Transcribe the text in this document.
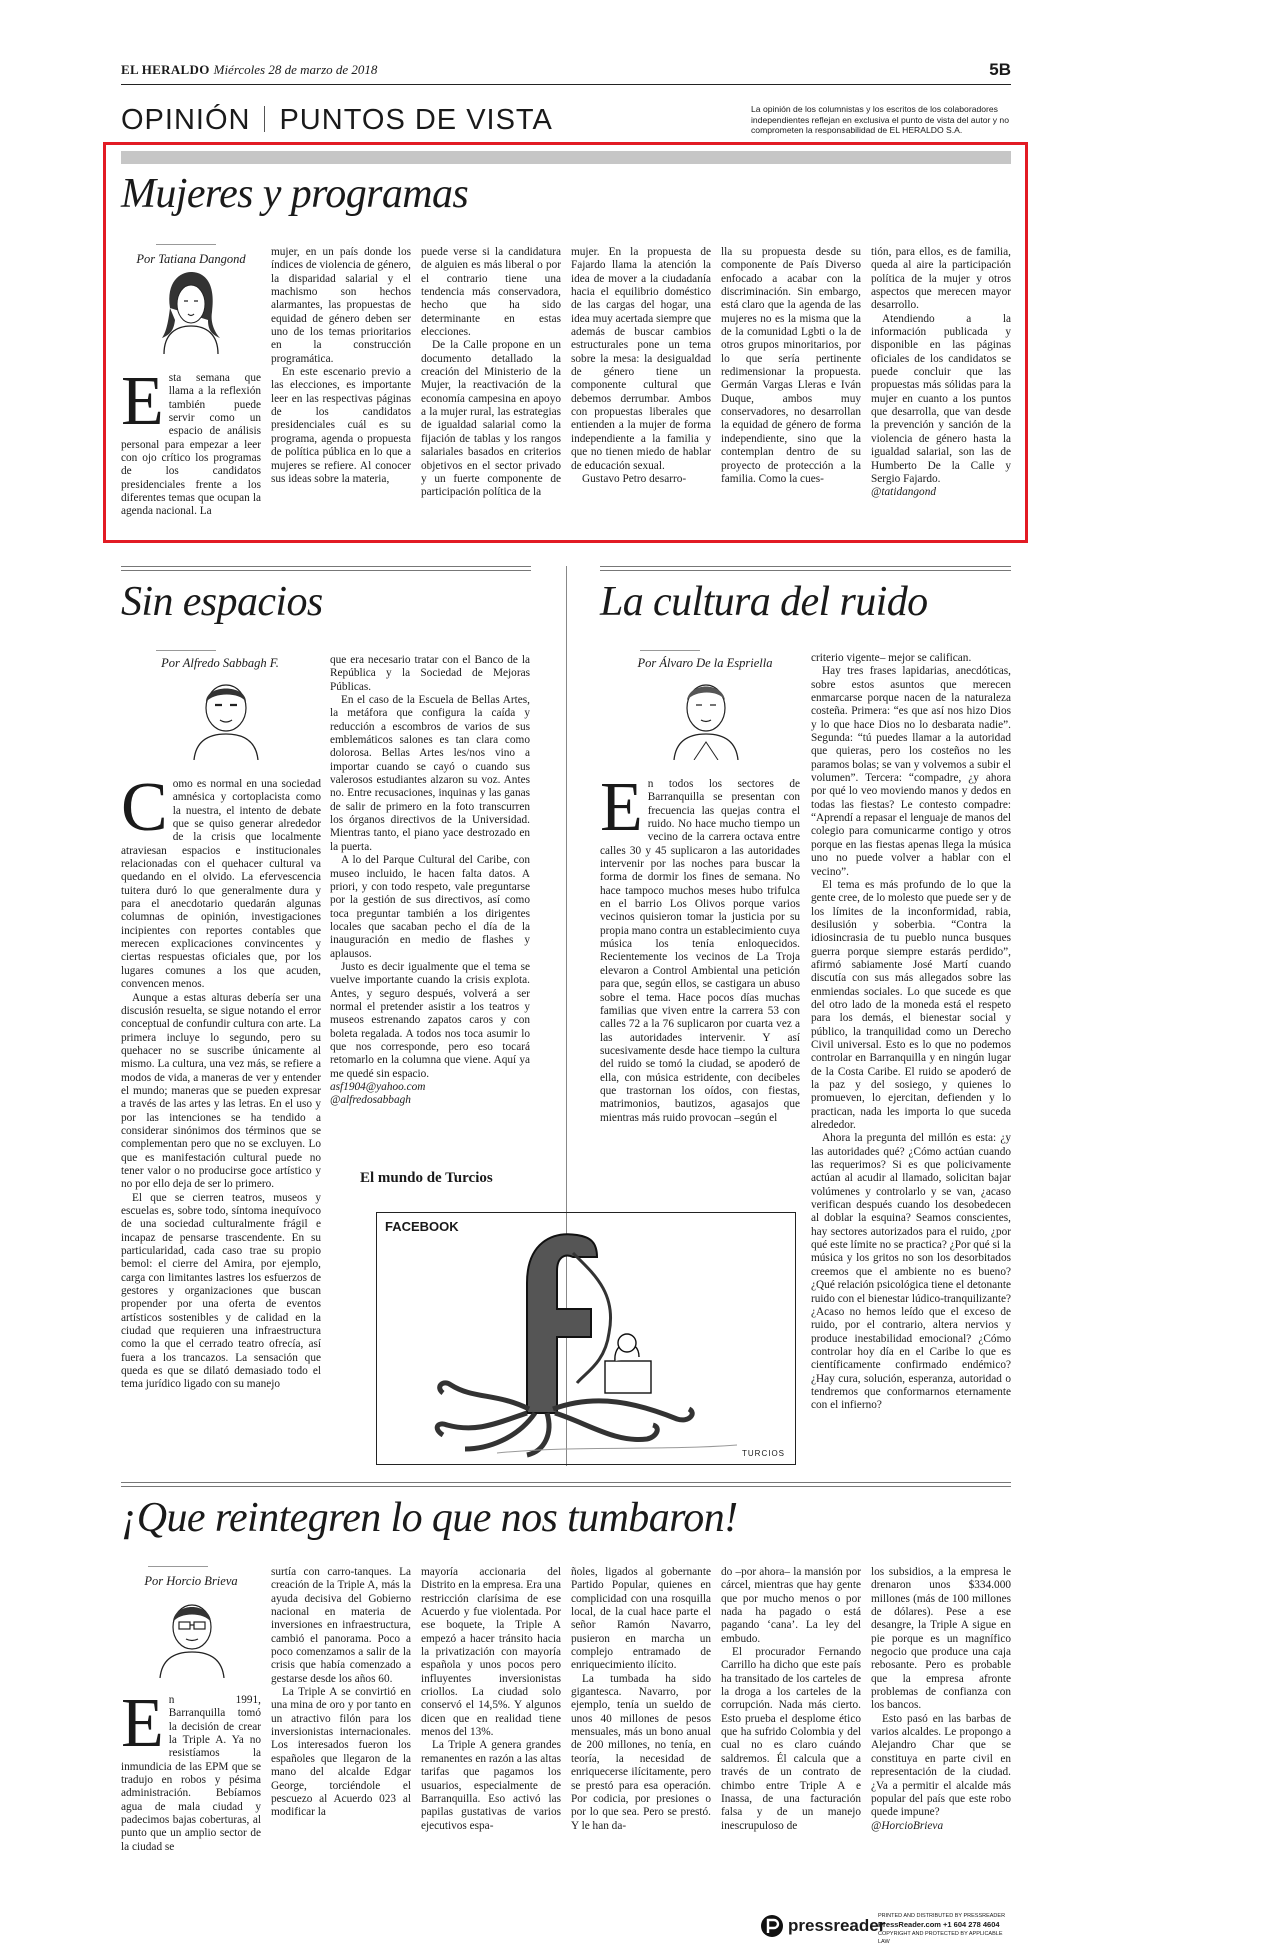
EL HERALDO Miércoles 28 de marzo de 2018	5B
OPINIÓN PUNTOS DE VISTA	La opinión de los columnistas y los escritos de los colaboradores independientes reflejan en exclusiva el punto de vista del autor y no comprometen la responsabilidad de EL HERALDO S.A.
Mujeres y programas
Por Tatiana Dangond
Esta semana que llama a la reflexión también puede servir como un espacio de análisis personal para empezar a leer con ojo crítico los programas de los candidatos presidenciales frente a los diferentes temas que ocupan la agenda nacional. La

mujer, en un país donde los índices de violencia de género, la disparidad salarial y el machismo son hechos alarmantes, las propuestas de equidad de género deben ser uno de los temas prioritarios en la construcción programática.

En este escenario previo a las elecciones, es importante leer en las respectivas páginas de los candidatos presidenciales cuál es su programa, agenda o propuesta de política pública en lo que a mujeres se refiere. Al conocer sus ideas sobre la materia,

puede verse si la candidatura de alguien es más liberal o por el contrario tiene una tendencia más conservadora, hecho que ha sido determinante en estas elecciones.

De la Calle propone en un documento detallado la creación del Ministerio de la Mujer, la reactivación de la economía campesina en apoyo a la mujer rural, las estrategias de igualdad salarial como la fijación de tablas y los rangos salariales basados en criterios objetivos en el sector privado y un fuerte componente de participación política de la

mujer. En la propuesta de Fajardo llama la atención la idea de mover a la ciudadanía hacia el equilibrio doméstico de las cargas del hogar, una idea muy acertada siempre que además de buscar cambios estructurales pone un tema sobre la mesa: la desigualdad de género tiene un componente cultural que debemos derrumbar. Ambos con propuestas liberales que entienden a la mujer de forma independiente a la familia y que no tienen miedo de hablar de educación sexual.

Gustavo Petro desarro-

lla su propuesta desde su componente de País Diverso enfocado a acabar con la discriminación. Sin embargo, está claro que la agenda de las mujeres no es la misma que la de la comunidad Lgbti o la de otros grupos minoritarios, por lo que sería pertinente redimensionar la propuesta. Germán Vargas Lleras e Iván Duque, ambos muy conservadores, no desarrollan la equidad de género de forma independiente, sino que la contemplan dentro de su proyecto de protección a la familia. Como la cues-

tión, para ellos, es de familia, queda al aire la participación política de la mujer y otros aspectos que merecen mayor desarrollo.

Atendiendo a la información publicada y disponible en las páginas oficiales de los candidatos se puede concluir que las propuestas más sólidas para la mujer en cuanto a los puntos que desarrolla, que van desde la prevención y sanción de la violencia de género hasta la igualdad salarial, son las de Humberto De la Calle y Sergio Fajardo.

@tatidangond

Sin espacios
Por Alfredo Sabbagh F.
Como es normal en una sociedad amnésica y cortoplacista como la nuestra, el intento de debate que se quiso generar alrededor de la crisis que localmente atraviesan espacios e institucionales relacionadas con el quehacer cultural va quedando en el olvido. La efervescencia tuitera duró lo que generalmente dura y para el anecdotario quedarán algunas columnas de opinión, investigaciones incipientes con reportes contables que merecen explicaciones convincentes y ciertas respuestas oficiales que, por los lugares comunes a los que acuden, convencen menos.

Aunque a estas alturas debería ser una discusión resuelta, se sigue notando el error conceptual de confundir cultura con arte. La primera incluye lo segundo, pero su quehacer no se suscribe únicamente al mismo. La cultura, una vez más, se refiere a modos de vida, a maneras de ver y entender el mundo; maneras que se pueden expresar a través de las artes y las letras. En el uso y por las intenciones se ha tendido a considerar sinónimos dos términos que se complementan pero que no se excluyen. Lo que es manifestación cultural puede no tener valor o no producirse goce artístico y no por ello deja de ser lo primero.

El que se cierren teatros, museos y escuelas es, sobre todo, síntoma inequívoco de una sociedad culturalmente frágil e incapaz de pensarse trascendente. En su particularidad, cada caso trae su propio bemol: el cierre del Amira, por ejemplo, carga con limitantes lastres los esfuerzos de gestores y organizaciones que buscan propender por una oferta de eventos artísticos sostenibles y de calidad en la ciudad que requieren una infraestructura como la que el cerrado teatro ofrecía, así fuera a los trancazos. La sensación que queda es que se dilató demasiado todo el tema jurídico ligado con su manejo

que era necesario tratar con el Banco de la República y la Sociedad de Mejoras Públicas.

En el caso de la Escuela de Bellas Artes, la metáfora que configura la caída y reducción a escombros de varios de sus emblemáticos salones es tan clara como dolorosa. Bellas Artes les/nos vino a importar cuando se cayó o cuando sus valerosos estudiantes alzaron su voz. Antes no. Entre recusaciones, inquinas y las ganas de salir de primero en la foto transcurren los órganos directivos de la Universidad. Mientras tanto, el piano yace destrozado en la puerta.

A lo del Parque Cultural del Caribe, con museo incluido, le hacen falta datos. A priori, y con todo respeto, vale preguntarse por la gestión de sus directivos, así como toca preguntar también a los dirigentes locales que sacaban pecho el día de la inauguración en medio de flashes y aplausos.

Justo es decir igualmente que el tema se vuelve importante cuando la crisis explota. Antes, y seguro después, volverá a ser normal el pretender asistir a los teatros y museos estrenando zapatos caros y con boleta regalada. A todos nos toca asumir lo que nos corresponde, pero eso tocará retomarlo en la columna que viene. Aquí ya me quedé sin espacio.

asf1904@yahoo.com

@alfredosabbagh

La cultura del ruido
Por Álvaro De la Espriella
En todos los sectores de Barranquilla se presentan con frecuencia las quejas contra el ruido. No hace mucho tiempo un vecino de la carrera octava entre calles 30 y 45 suplicaron a las autoridades intervenir por las noches para buscar la forma de dormir los fines de semana. No hace tampoco muchos meses hubo trifulca en el barrio Los Olivos porque varios vecinos quisieron tomar la justicia por su propia mano contra un establecimiento cuya música los tenía enloquecidos. Recientemente los vecinos de La Troja elevaron a Control Ambiental una petición para que, según ellos, se castigara un abuso sobre el tema. Hace pocos días muchas familias que viven entre la carrera 53 con calles 72 a la 76 suplicaron por cuarta vez a las autoridades intervenir. Y así sucesivamente desde hace tiempo la cultura del ruido se tomó la ciudad, se apoderó de ella, con música estridente, con decibeles que trastornan los oídos, con fiestas, matrimonios, bautizos, agasajos que mientras más ruido provocan –según el

criterio vigente– mejor se califican.

Hay tres frases lapidarias, anecdóticas, sobre estos asuntos que merecen enmarcarse porque nacen de la naturaleza costeña. Primera: “es que así nos hizo Dios y lo que hace Dios no lo desbarata nadie”. Segunda: “tú puedes llamar a la autoridad que quieras, pero los costeños no les paramos bolas; se van y volvemos a subir el volumen”. Tercera: “compadre, ¿y ahora por qué lo veo moviendo manos y dedos en todas las fiestas? Le contesto compadre: “Aprendí a repasar el lenguaje de manos del colegio para comunicarme contigo y otros porque en las fiestas apenas llega la música uno no puede volver a hablar con el vecino”.

El tema es más profundo de lo que la gente cree, de lo molesto que puede ser y de los límites de la inconformidad, rabia, desilusión y soberbia. “Contra la idiosincrasia de tu pueblo nunca busques guerra porque siempre estarás perdido”, afirmó sabiamente José Martí cuando discutía con sus más allegados sobre las enmiendas sociales. Lo que sucede es que del otro lado de la moneda está el respeto para los demás, el bienestar social y público, la tranquilidad como un Derecho Civil universal. Esto es lo que no podemos controlar en Barranquilla y en ningún lugar de la Costa Caribe. El ruido se apoderó de la paz y del sosiego, y quienes lo promueven, lo ejercitan, defienden y lo practican, nada les importa lo que suceda alrededor.

Ahora la pregunta del millón es esta: ¿y las autoridades qué? ¿Cómo actúan cuando las requerimos? Si es que policivamente actúan al acudir al llamado, solicitan bajar volúmenes y controlarlo y se van, ¿acaso verifican después cuando los desobedecen al doblar la esquina? Seamos conscientes, hay sectores autorizados para el ruido, ¿por qué este límite no se practica? ¿Por qué si la música y los gritos no son los desorbitados creemos que el ambiente no es bueno? ¿Qué relación psicológica tiene el detonante ruido con el bienestar lúdico-tranquilizante? ¿Acaso no hemos leído que el exceso de ruido, por el contrario, altera nervios y produce inestabilidad emocional? ¿Cómo controlar hoy día en el Caribe lo que es científicamente confirmado endémico? ¿Hay cura, solución, esperanza, autoridad o tendremos que conformarnos eternamente con el infierno?

El mundo de Turcios
FACEBOOK
TURCIOS
¡Que reintegren lo que nos tumbaron!
Por Horcio Brieva
En 1991, Barranquilla tomó la decisión de crear la Triple A. Ya no resistíamos la inmundicia de las EPM que se tradujo en robos y pésima administración. Bebíamos agua de mala ciudad y padecimos bajas coberturas, al punto que un amplio sector de la ciudad se

surtía con carro-tanques. La creación de la Triple A, más la ayuda decisiva del Gobierno nacional en materia de inversiones en infraestructura, cambió el panorama. Poco a poco comenzamos a salir de la crisis que había comenzado a gestarse desde los años 60.

La Triple A se convirtió en una mina de oro y por tanto en un atractivo filón para los inversionistas internacionales. Los interesados fueron los españoles que llegaron de la mano del alcalde Edgar George, torciéndole el pescuezo al Acuerdo 023 al modificar la

mayoría accionaria del Distrito en la empresa. Era una restricción clarísima de ese Acuerdo y fue violentada. Por ese boquete, la Triple A empezó a hacer tránsito hacia la privatización con mayoría española y unos pocos pero influyentes inversionistas criollos. La ciudad solo conservó el 14,5%. Y algunos dicen que en realidad tiene menos del 13%.

La Triple A genera grandes remanentes en razón a las altas tarifas que pagamos los usuarios, especialmente de Barranquilla. Eso activó las papilas gustativas de varios ejecutivos espa-

ñoles, ligados al gobernante Partido Popular, quienes en complicidad con una rosquilla local, de la cual hace parte el señor Ramón Navarro, pusieron en marcha un complejo entramado de enriquecimiento ilícito.

La tumbada ha sido gigantesca. Navarro, por ejemplo, tenía un sueldo de unos 40 millones de pesos mensuales, más un bono anual de 200 millones, no tenía, en teoría, la necesidad de enriquecerse ilícitamente, pero se prestó para esa operación. Por codicia, por presiones o por lo que sea. Pero se prestó. Y le han da-

do –por ahora– la mansión por cárcel, mientras que hay gente que por mucho menos o por nada ha pagado o está pagando ‘cana’. La ley del embudo.

El procurador Fernando Carrillo ha dicho que este país ha transitado de los carteles de la droga a los carteles de la corrupción. Nada más cierto. Esto prueba el desplome ético que ha sufrido Colombia y del cual no es claro cuándo saldremos. Él calcula que a través de un contrato de chimbo entre Triple A e Inassa, de una facturación falsa y de un manejo inescrupuloso de

los subsidios, a la empresa le drenaron unos $334.000 millones (más de 100 millones de dólares). Pese a ese desangre, la Triple A sigue en pie porque es un magnífico negocio que produce una caja rebosante. Pero es probable que la empresa afronte problemas de confianza con los bancos.

Esto pasó en las barbas de varios alcaldes. Le propongo a Alejandro Char que se constituya en parte civil en representación de la ciudad. ¿Va a permitir el alcalde más popular del país que este robo quede impune?

@HorcioBrieva

pressreader
PRINTED AND DISTRIBUTED BY PRESSREADER
PressReader.com +1 604 278 4604
COPYRIGHT AND PROTECTED BY APPLICABLE LAW
